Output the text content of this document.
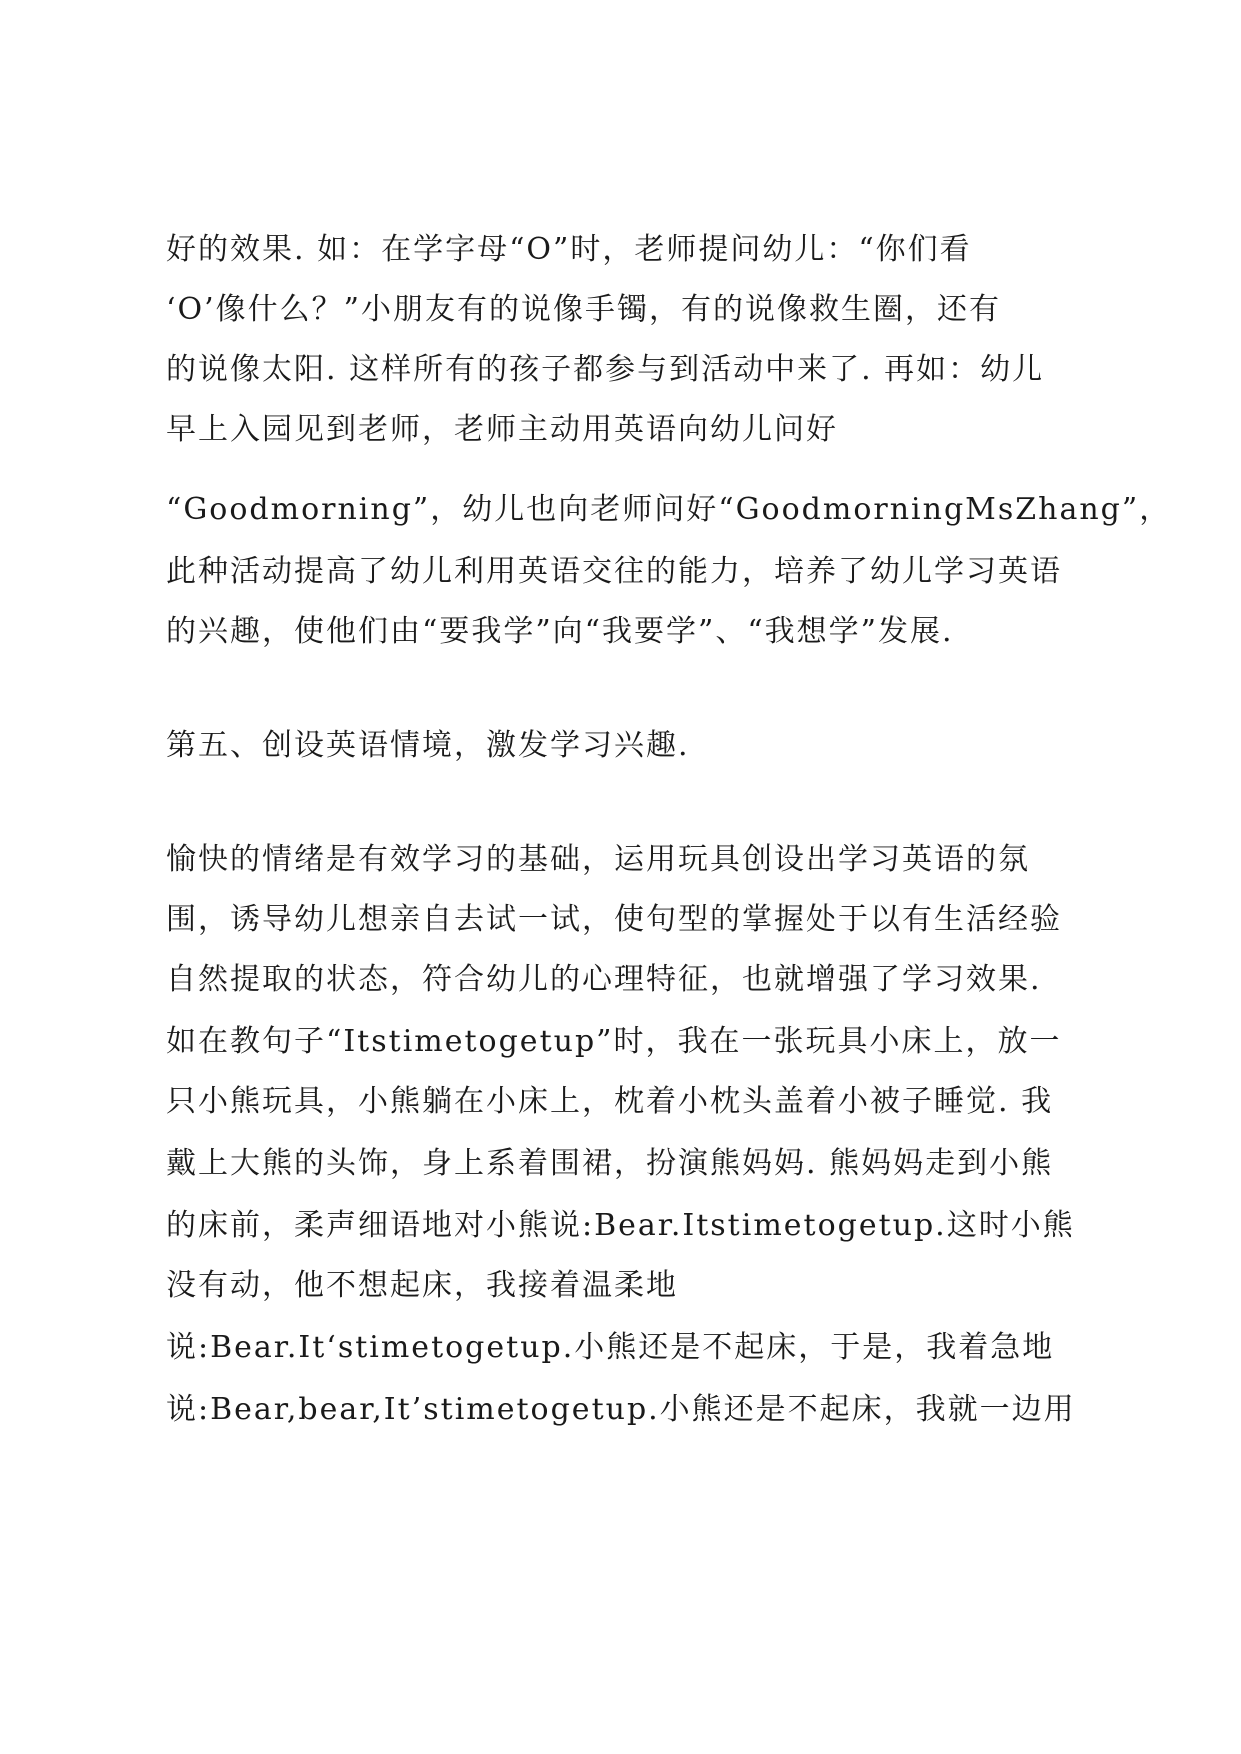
好的效果. 如：在学字母“O”时，老师提问幼儿：“你们看
‘O’像什么？”小朋友有的说像手镯，有的说像救生圈，还有
的说像太阳. 这样所有的孩子都参与到活动中来了. 再如：幼儿
早上入园见到老师，老师主动用英语向幼儿问好
“Goodmorning”，幼儿也向老师问好“GoodmorningMsZhang”，
此种活动提高了幼儿利用英语交往的能力，培养了幼儿学习英语
的兴趣，使他们由“要我学”向“我要学”、“我想学”发展.
第五、创设英语情境，激发学习兴趣.
愉快的情绪是有效学习的基础，运用玩具创设出学习英语的氛
围，诱导幼儿想亲自去试一试，使句型的掌握处于以有生活经验
自然提取的状态，符合幼儿的心理特征，也就增强了学习效果.
如在教句子“Itstimetogetup”时，我在一张玩具小床上，放一
只小熊玩具，小熊躺在小床上，枕着小枕头盖着小被子睡觉. 我
戴上大熊的头饰，身上系着围裙，扮演熊妈妈. 熊妈妈走到小熊
的床前，柔声细语地对小熊说:Bear.Itstimetogetup.这时小熊
没有动，他不想起床，我接着温柔地
说:Bear.It‘stimetogetup.小熊还是不起床，于是，我着急地
说:Bear,bear,It’stimetogetup.小熊还是不起床，我就一边用
